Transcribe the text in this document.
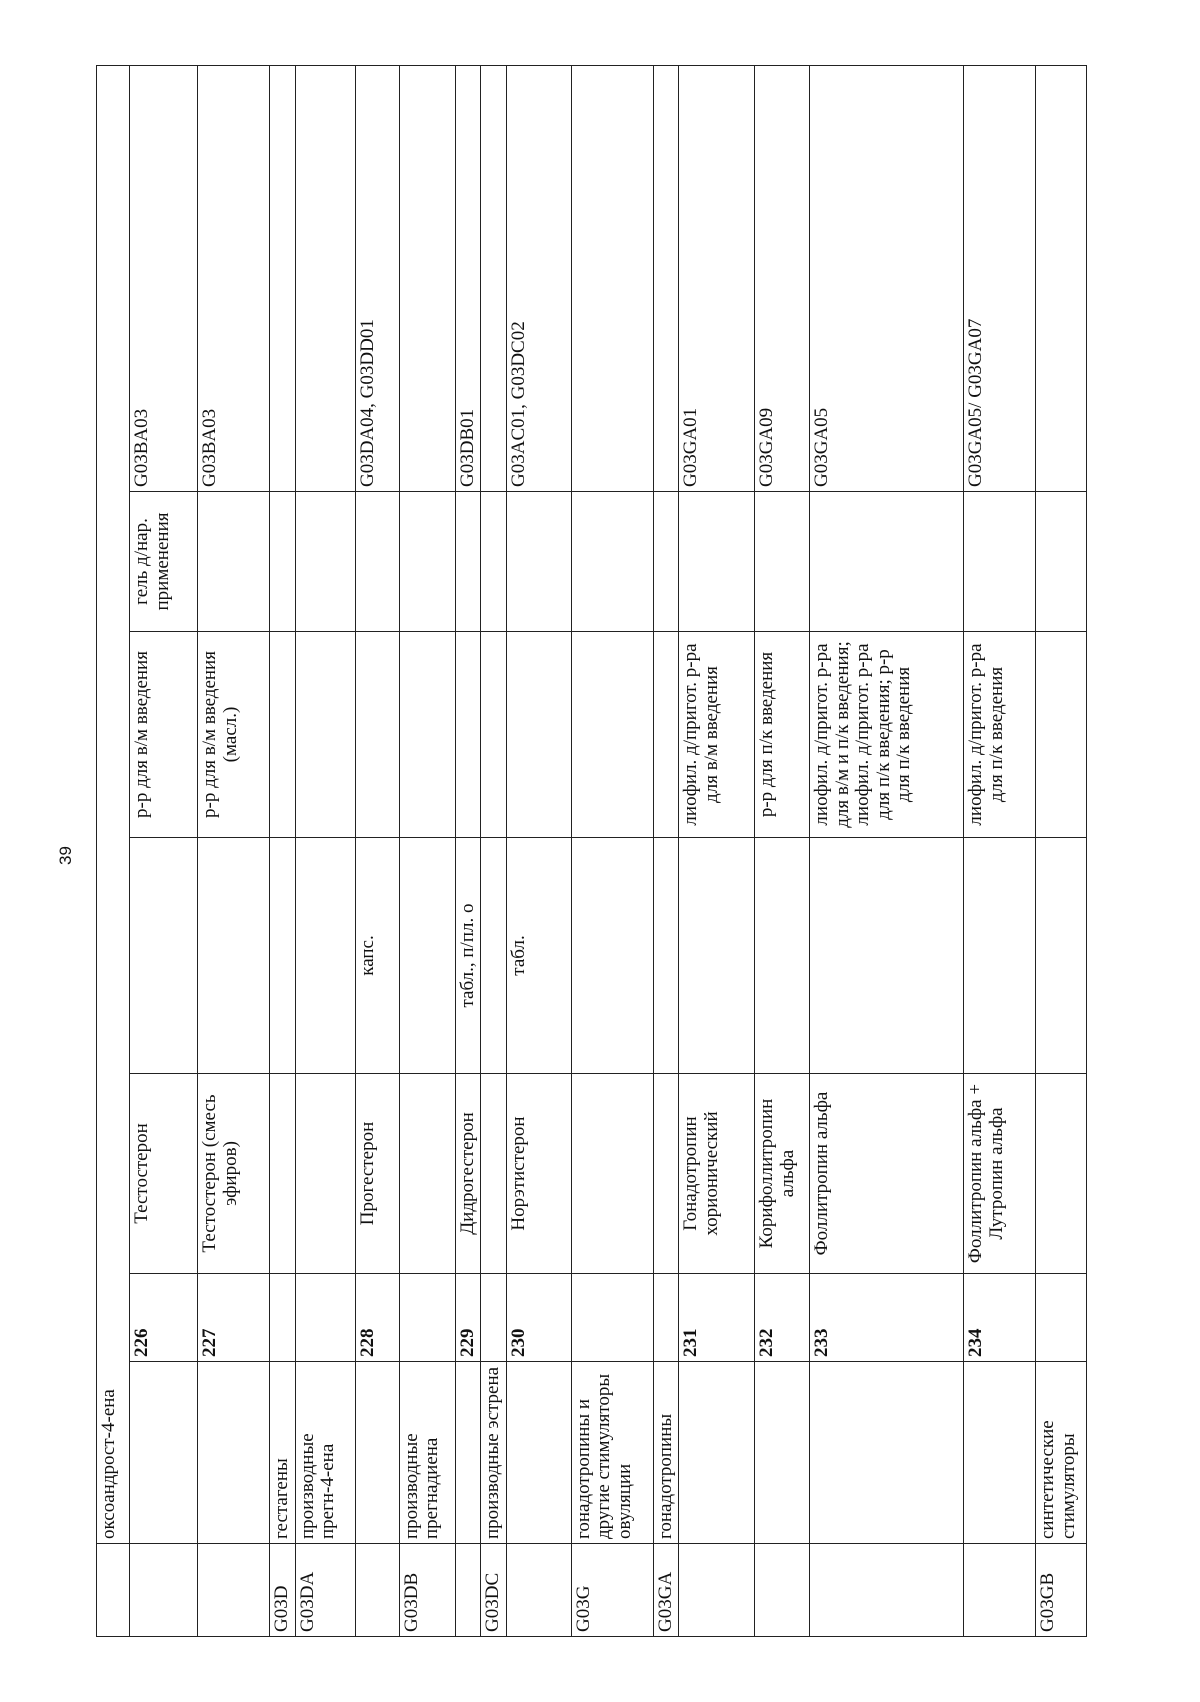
39
	оксоандрост-4-ена						
		226	Тестостерон		р-р для в/м введения	гель д/нар. применения	G03BA03
		227	Тестостерон (смесь эфиров)		р-р для в/м введения (масл.)		G03BA03
G03D	гестагены						
G03DA	производные прегн-4-ена						
		228	Прогестерон	капс.			G03DA04, G03DD01
G03DB	производные прегнадиена						
		229	Дидрогестерон	табл., п/пл. о			G03DB01
G03DC	производные эстрена						
		230	Норэтистерон	табл.			G03AC01, G03DC02
G03G	гонадотропины и другие стимуляторы овуляции						
G03GA	гонадотропины						
		231	Гонадотропин хорионический		лиофил. д/пригот. р-ра для в/м введения		G03GA01
		232	Корифоллитропин альфа		р-р для п/к введения		G03GA09
		233	Фоллитропин альфа		лиофил. д/пригот. р-ра для в/м и п/к введения; лиофил. д/пригот. р-ра для п/к введения; р-р для п/к введения		G03GA05
		234	Фоллитропин альфа + Лутропин альфа		лиофил. д/пригот. р-ра для п/к введения		G03GA05/ G03GA07
G03GB	синтетические стимуляторы						
